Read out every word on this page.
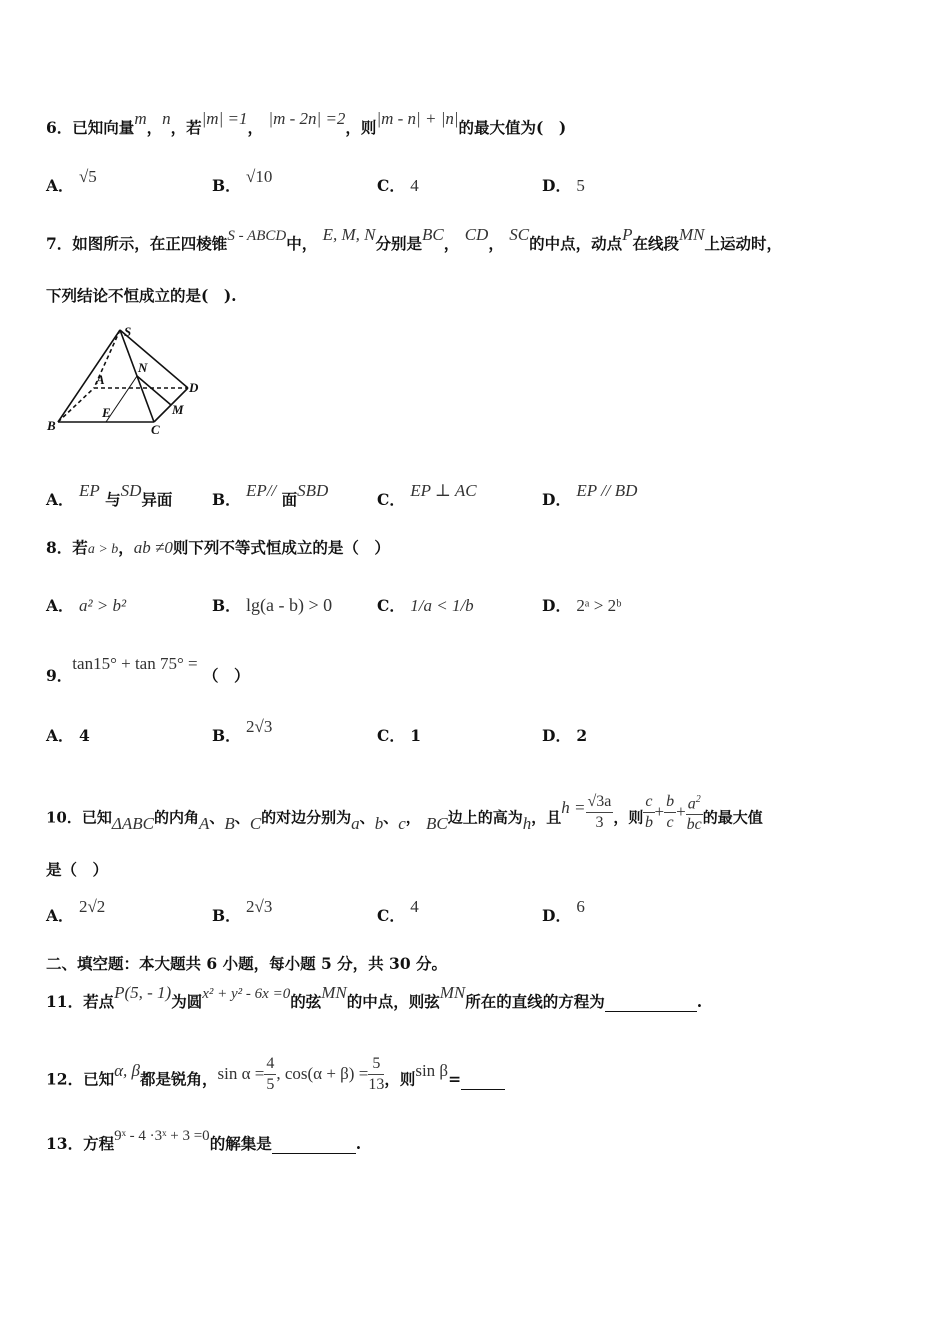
6．已知向量m，n，若|m| =1， |m - 2n| =2，则|m - n| + |n|的最大值为(　)
A． √5	B． √10	C． 4	D． 5
7．如图所示，在正四棱锥S - ABCD中， E, M, N分别是BC， CD， SC的中点，动点P在线段MN上运动时，
下列结论不恒成立的是(　).
S
N
A
D
M
E
B	C
A． EP 与SD异面	B． EP// 面SBD	C． EP ⊥ AC	D． EP // BD
8．若a > b，ab ≠0则下列不等式恒成立的是（　）
A． a² > b²	B． lg(a - b) > 0	C． 1/a < 1/b	D． 2ᵃ > 2ᵇ
9．tan15° + tan 75° = （　）
A． 4	B． 2√3	C． 1	D． 2
10．已知ΔABC的内角A、B、C的对边分别为a、b、c， BC边上的高为h，且$h = \frac{√3a}{3}$ ，则 $\frac{c}{b} + \frac{b}{c} + \frac{a^2}{bc}$ 的最大值
是（　）
A． 2√2	B． 2√3	C． 4	D． 6
二、填空题：本大题共 6 小题，每小题 5 分，共 30 分。
11．若点P(5, - 1)为圆x² + y² - 6x =0的弦MN的中点，则弦MN所在的直线的方程为	.
12．已知α, β都是锐角，$\sin \alpha = \frac{4}{5}$ , $\cos(\alpha + \beta) = \frac{5}{13}$ ，则sin β=
13．方程9ˣ - 4 ·3ˣ + 3 =0的解集是	.
